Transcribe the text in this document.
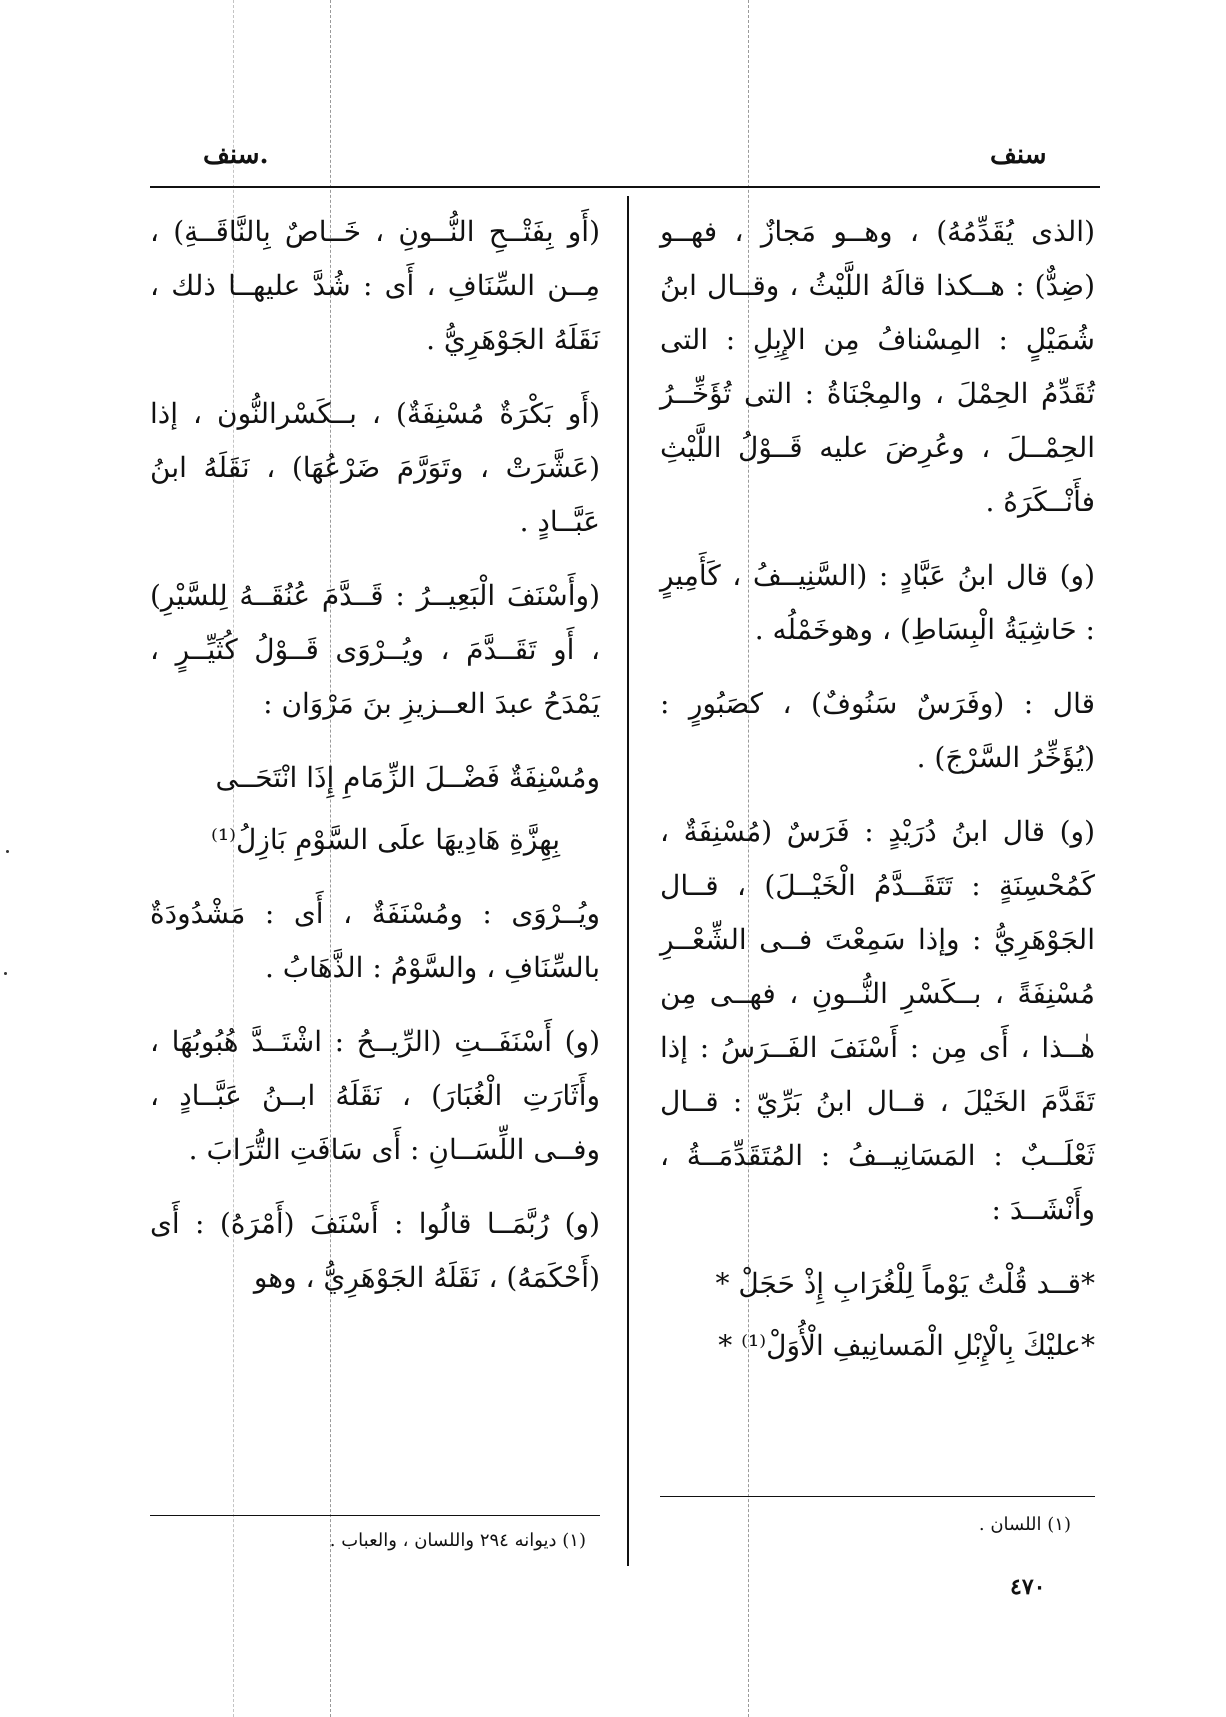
سنف
.سنف

(الذى يُقَدِّمُهُ) ، وهــو مَجازٌ ، فهــو (ضِدٌّ) : هــكذا قالَهُ اللَّيْثُ ، وقــال ابنُ شُمَيْلٍ : المِسْنافُ مِن الإِبِلِ : التى تُقَدِّمُ الحِمْلَ ، والمِجْنَاةُ : التى تُؤَخِّــرُ الحِمْــلَ ، وعُرِضَ عليه قَــوْلُ اللَّيْثِ فأَنْــكَرَهُ .

(و) قال ابنُ عَبَّادٍ : (السَّنِيــفُ ، كَأَمِيرٍ : حَاشِيَةُ الْبِسَاطِ) ، وهوخَمْلُه .

قال : (وفَرَسٌ سَنُوفٌ) ، كصَبُورٍ : (يُؤَخِّرُ السَّرْجَ) .

(و) قال ابنُ دُرَيْدٍ : فَرَسٌ (مُسْنِفَةٌ ، كَمُحْسِنَةٍ : تَتَقَــدَّمُ الْخَيْــلَ) ، قــال الجَوْهَرِيُّ : وإذا سَمِعْتَ فــى الشِّعْــرِ مُسْنِفَةً ، بــكَسْرِ النُّــونِ ، فهــى مِن هٰــذا ، أَى مِن : أَسْنَفَ الفَــرَسُ : إذا تَقَدَّمَ الخَيْلَ ، قــال ابنُ بَرِّيّ : قــال ثَعْلَــبٌ : المَسَانِيــفُ : المُتَقَدِّمَــةُ ، وأَنْشَــدَ :

*قــد قُلْتُ يَوْماً لِلْغُرَابِ إِذْ حَجَلْ *
*عليْكَ بِالْإِبْلِ الْمَسانِيفِ الْأُوَلْ⁽¹⁾ *

(أَو بِفَتْــحِ النُّــونِ ، خَــاصٌ بِالنَّاقَــةِ) ، مِــن السِّنَافِ ، أَى : شُدَّ عليهــا ذلك ، نَقَلَهُ الجَوْهَرِيُّ .

(أَو بَكْرَةٌ مُسْنِفَةٌ) ، بــكَسْرالنُّون ، إذا (عَشَّرَتْ ، وتَوَرَّمَ ضَرْعُهَا) ، نَقَلَهُ ابنُ عَبَّــادٍ .

(وأَسْنَفَ الْبَعِيــرُ : قَــدَّمَ عُنُقَــهُ لِلسَّيْرِ) ، أَو تَقَــدَّمَ ، ويُــرْوَى قَــوْلُ كُثَيِّــرٍ ، يَمْدَحُ عبدَ العــزيزِ بنَ مَرْوَان :

ومُسْنِفَةٌ فَضْــلَ الزِّمَامِ إِذَا انْتَحَــى
بِهِزَّةِ هَادِيهَا علَى السَّوْمِ بَازِلُ⁽¹⁾

ويُــرْوَى : ومُسْنَفَةٌ ، أَى : مَشْدُودَةٌ بالسِّنَافِ ، والسَّوْمُ : الذَّهَابُ .

(و) أَسْنَفَــتِ (الرِّيــحُ : اشْتَــدَّ هُبُوبُهَا ، وأَثَارَتِ الْغُبَارَ) ، نَقَلَهُ ابــنُ عَبَّــادٍ ، وفــى اللِّسَــانِ : أَى سَافَتِ التُّرَابَ .

(و) رُبَّمَــا قالُوا : أَسْنَفَ (أَمْرَهُ) : أَى (أَحْكَمَهُ) ، نَقَلَهُ الجَوْهَرِيُّ ، وهو

(١) اللسان .
(١) ديوانه ٢٩٤ واللسان ، والعباب .
٤٧٠
